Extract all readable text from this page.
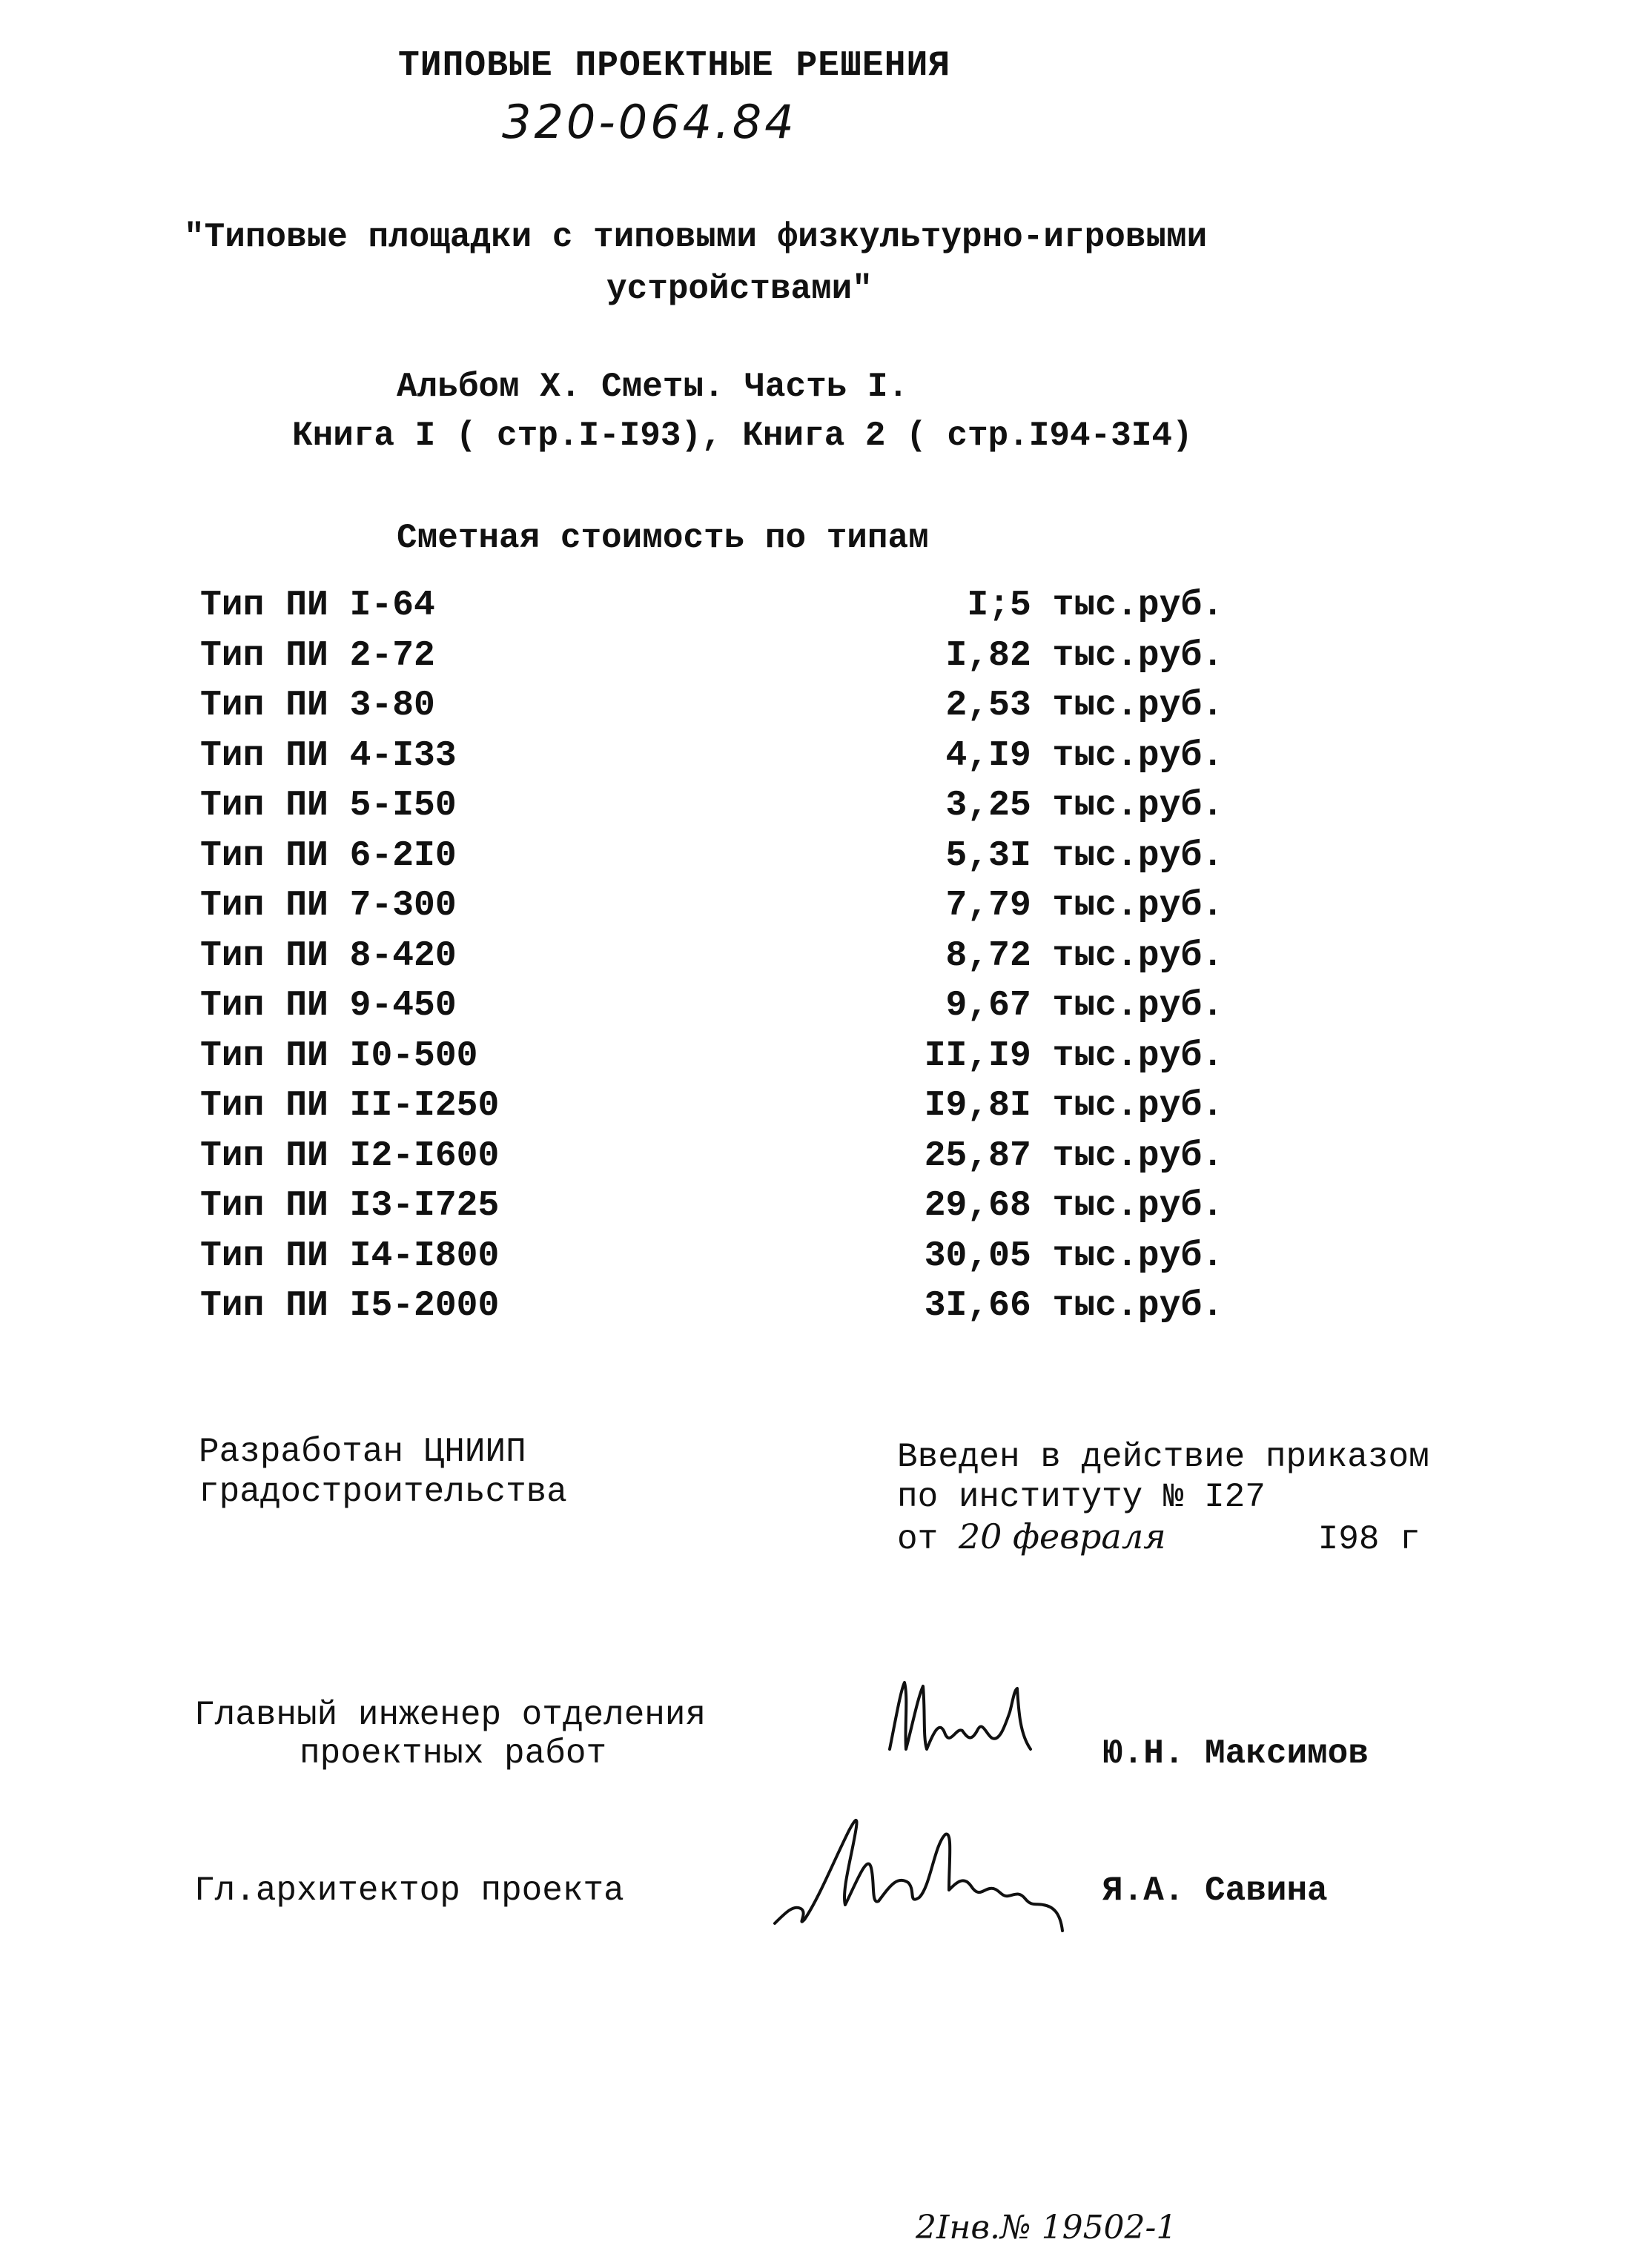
ТИПОВЫЕ ПРОЕКТНЫЕ РЕШЕНИЯ
320-064.84
"Типовые площадки с типовыми физкультурно-игровыми
устройствами"
Альбом X. Сметы. Часть I.
Книга I ( стр.I-I93), Книга 2 ( стр.I94-3I4)
Сметная стоимость по типам
Тип ПИ I-64	I;5 тыс.руб.
Тип ПИ 2-72	I,82 тыс.руб.
Тип ПИ 3-80	2,53 тыс.руб.
Тип ПИ 4-I33	4,I9 тыс.руб.
Тип ПИ 5-I50	3,25 тыс.руб.
Тип ПИ 6-2I0	5,3I тыс.руб.
Тип ПИ 7-300	7,79 тыс.руб.
Тип ПИ 8-420	8,72 тыс.руб.
Тип ПИ 9-450	9,67 тыс.руб.
Тип ПИ I0-500	II,I9 тыс.руб.
Тип ПИ II-I250	I9,8I тыс.руб.
Тип ПИ I2-I600	25,87 тыс.руб.
Тип ПИ I3-I725	29,68 тыс.руб.
Тип ПИ I4-I800	30,05 тыс.руб.
Тип ПИ I5-2000	3I,66 тыс.руб.
Разработан ЦНИИП
градостроительства
Введен в действие приказом
по институту № I27
от 20 февраля	I98 г
Главный инженер отделения
проектных работ	Ю.Н. Максимов
Гл.архитектор проекта	Я.А. Савина
2Iнв.№ 19502-1
